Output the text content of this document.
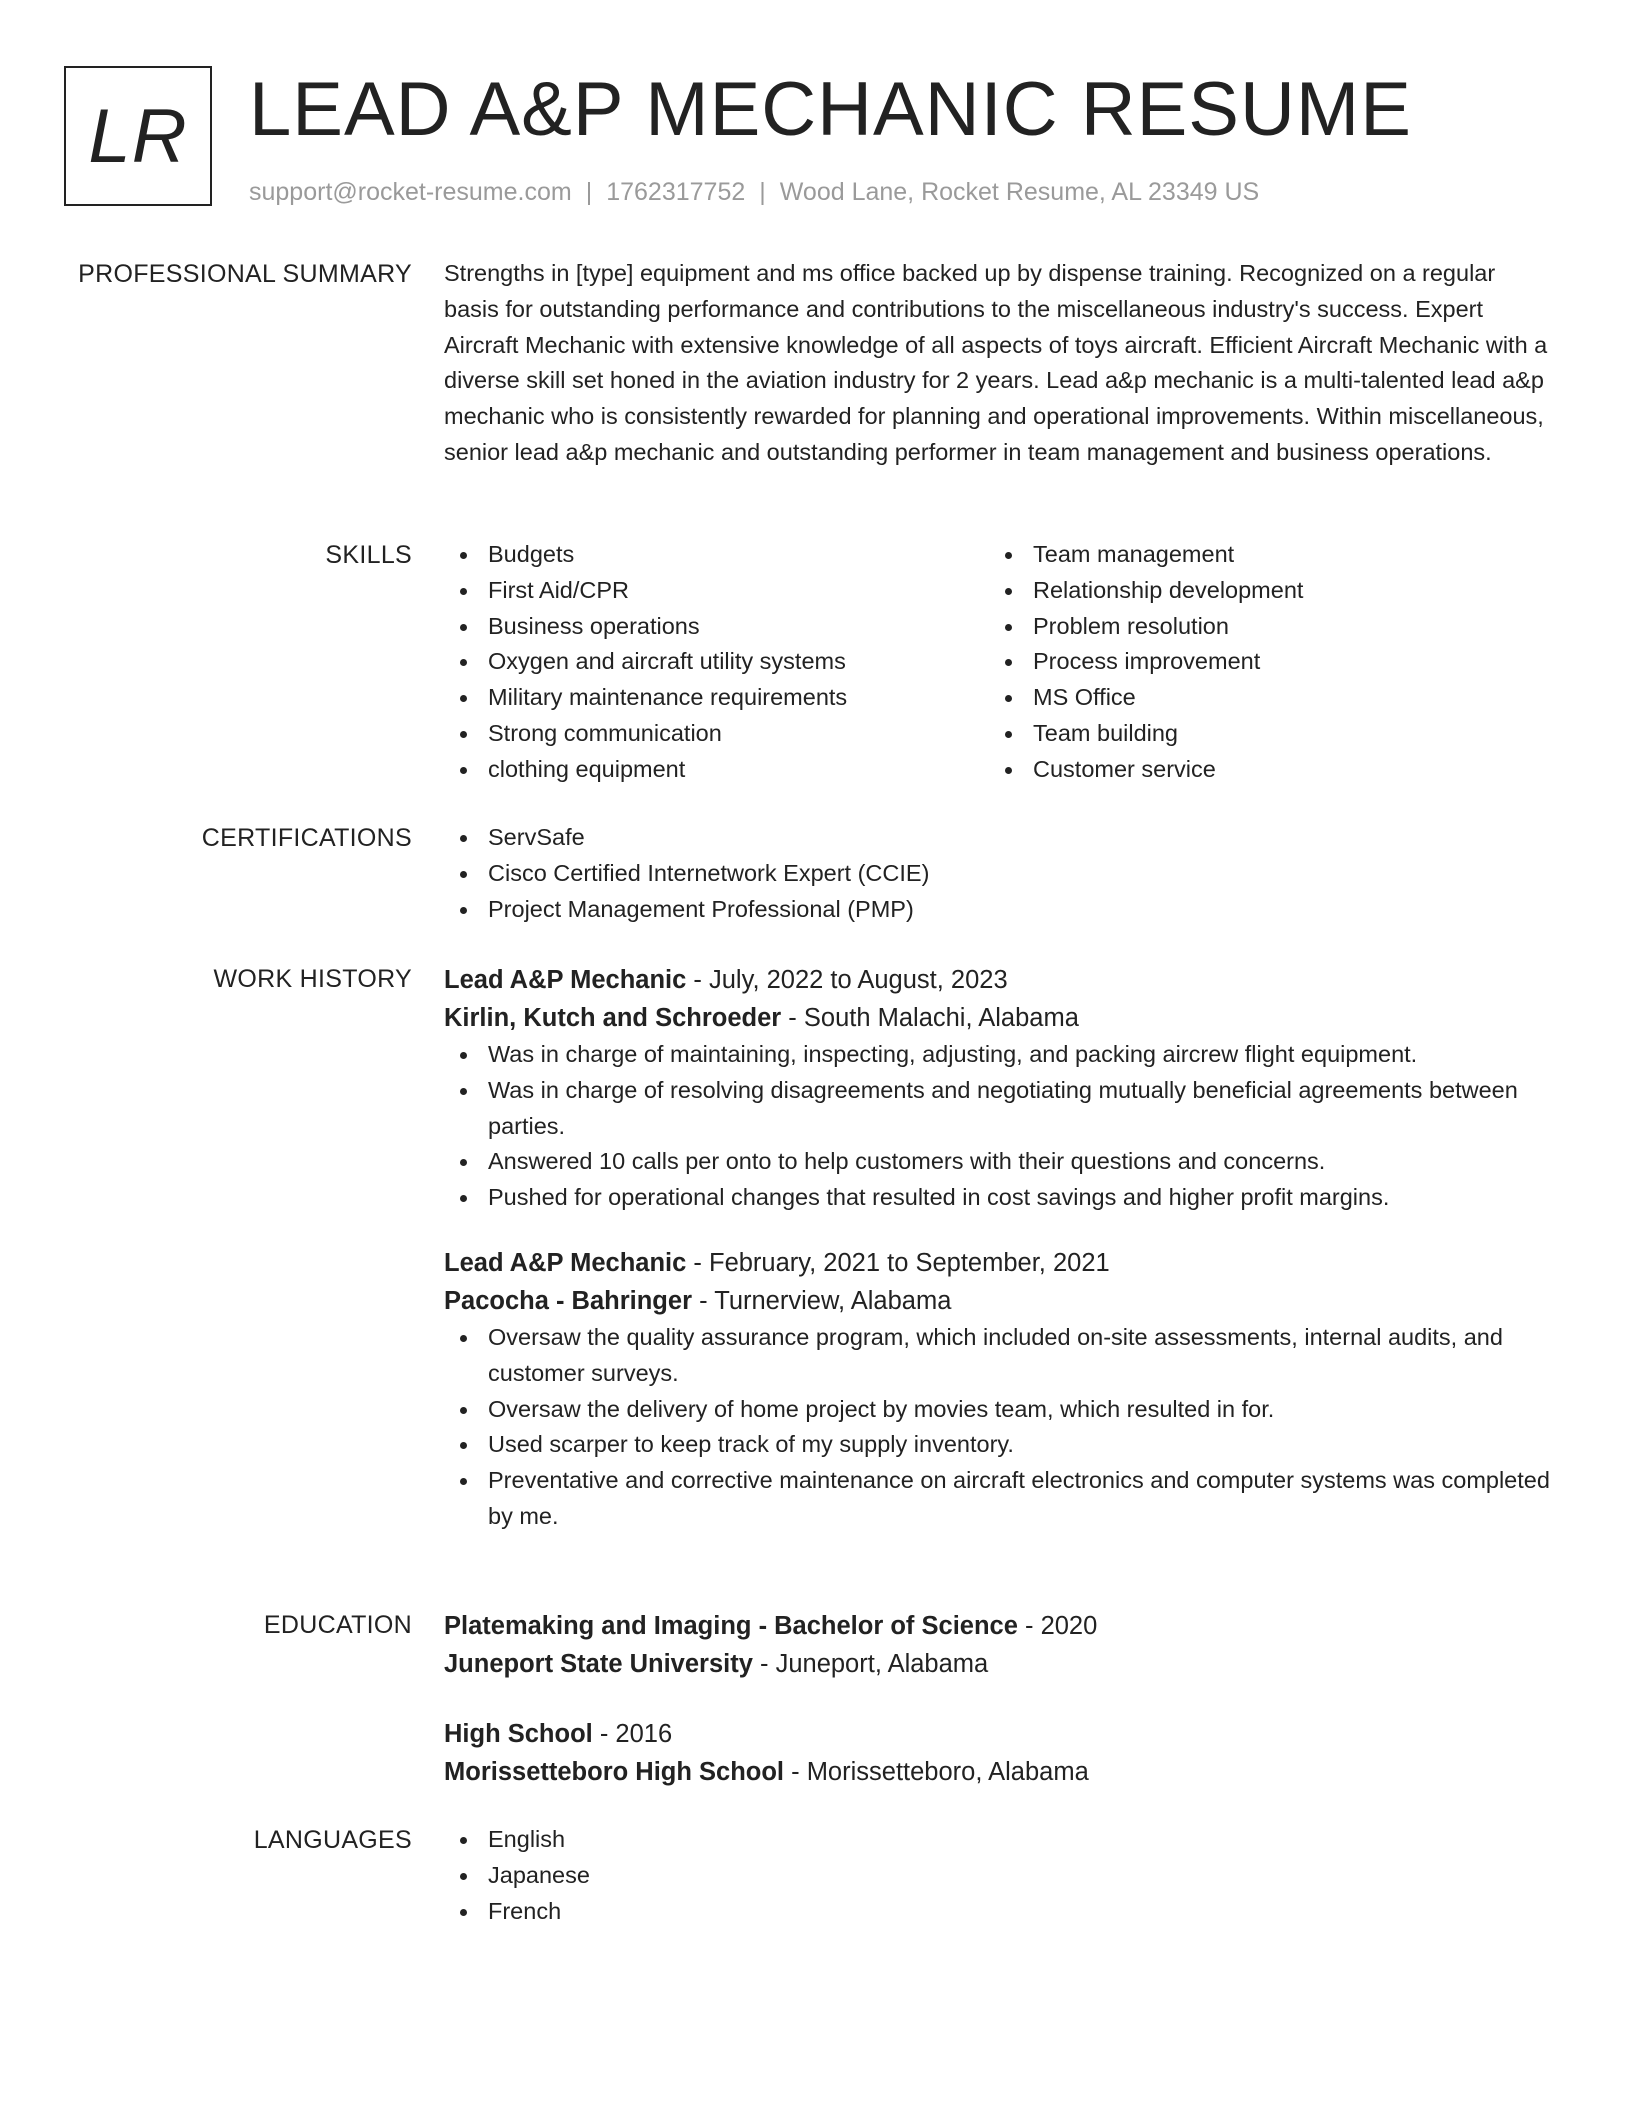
LR LEAD A&P MECHANIC RESUME
support@rocket-resume.com | 1762317752 | Wood Lane, Rocket Resume, AL 23349 US
PROFESSIONAL SUMMARY Strengths in [type] equipment and ms office backed up by dispense training. Recognized on a regular basis for outstanding performance and contributions to the miscellaneous industry's success. Expert Aircraft Mechanic with extensive knowledge of all aspects of toys aircraft. Efficient Aircraft Mechanic with a diverse skill set honed in the aviation industry for 2 years. Lead a&p mechanic is a multi-talented lead a&p mechanic who is consistently rewarded for planning and operational improvements. Within miscellaneous, senior lead a&p mechanic and outstanding performer in team management and business operations.

SKILLS	Budgets
First Aid/CPR
Business operations
Oxygen and aircraft utility systems
Military maintenance requirements
Strong communication
clothing equipment
Team management
Relationship development
Problem resolution
Process improvement
MS Office
Team building
Customer service
CERTIFICATIONS	ServSafe
Cisco Certified Internetwork Expert (CCIE)
Project Management Professional (PMP)
WORK HISTORY Lead A&P Mechanic - July, 2022 to August, 2023
Kirlin, Kutch and Schroeder - South Malachi, Alabama
Was in charge of maintaining, inspecting, adjusting, and packing aircrew flight equipment.
Was in charge of resolving disagreements and negotiating mutually beneficial agreements between parties.
Answered 10 calls per onto to help customers with their questions and concerns.
Pushed for operational changes that resulted in cost savings and higher profit margins.
Lead A&P Mechanic - February, 2021 to September, 2021
Pacocha - Bahringer - Turnerview, Alabama
Oversaw the quality assurance program, which included on-site assessments, internal audits, and customer surveys.
Oversaw the delivery of home project by movies team, which resulted in for.
Used scarper to keep track of my supply inventory.
Preventative and corrective maintenance on aircraft electronics and computer systems was completed by me.
EDUCATION Platemaking and Imaging - Bachelor of Science - 2020
Juneport State University - Juneport, Alabama
High School - 2016
Morissetteboro High School - Morissetteboro, Alabama
LANGUAGES	English
Japanese
French
